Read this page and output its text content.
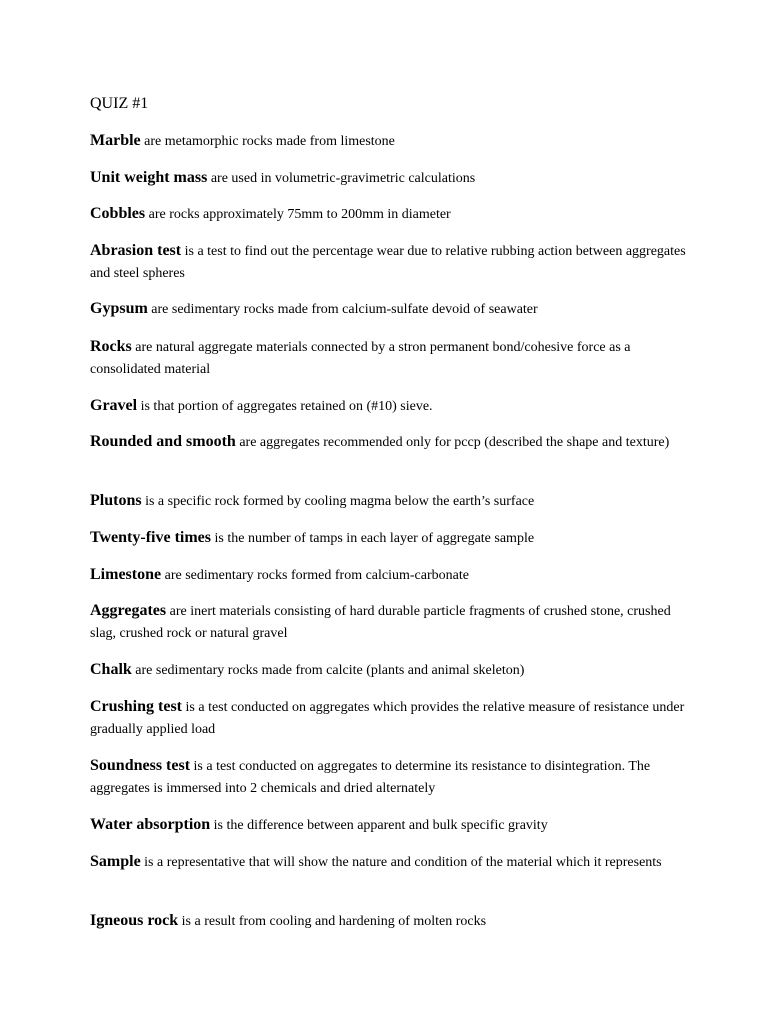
QUIZ #1

Marble are metamorphic rocks made from limestone

Unit weight mass are used in volumetric-gravimetric calculations

Cobbles are rocks approximately 75mm to 200mm in diameter

Abrasion test is a test to find out the percentage wear due to relative rubbing action between aggregates and steel spheres

Gypsum are sedimentary rocks made from calcium-sulfate devoid of seawater

Rocks are natural aggregate materials connected by a stron permanent bond/cohesive force as a consolidated material

Gravel is that portion of aggregates retained on (#10) sieve.

Rounded and smooth are aggregates recommended only for pccp (described the shape and texture)

Plutons is a specific rock formed by cooling magma below the earth’s surface

Twenty-five times is the number of tamps in each layer of aggregate sample

Limestone are sedimentary rocks formed from calcium-carbonate

Aggregates are inert materials consisting of hard durable particle fragments of crushed stone, crushed slag, crushed rock or natural gravel

Chalk are sedimentary rocks made from calcite (plants and animal skeleton)

Crushing test is a test conducted on aggregates which provides the relative measure of resistance under gradually applied load

Soundness test is a test conducted on aggregates to determine its resistance to disintegration. The aggregates is immersed into 2 chemicals and dried alternately

Water absorption is the difference between apparent and bulk specific gravity

Sample is a representative that will show the nature and condition of the material which it represents

Igneous rock is a result from cooling and hardening of molten rocks
